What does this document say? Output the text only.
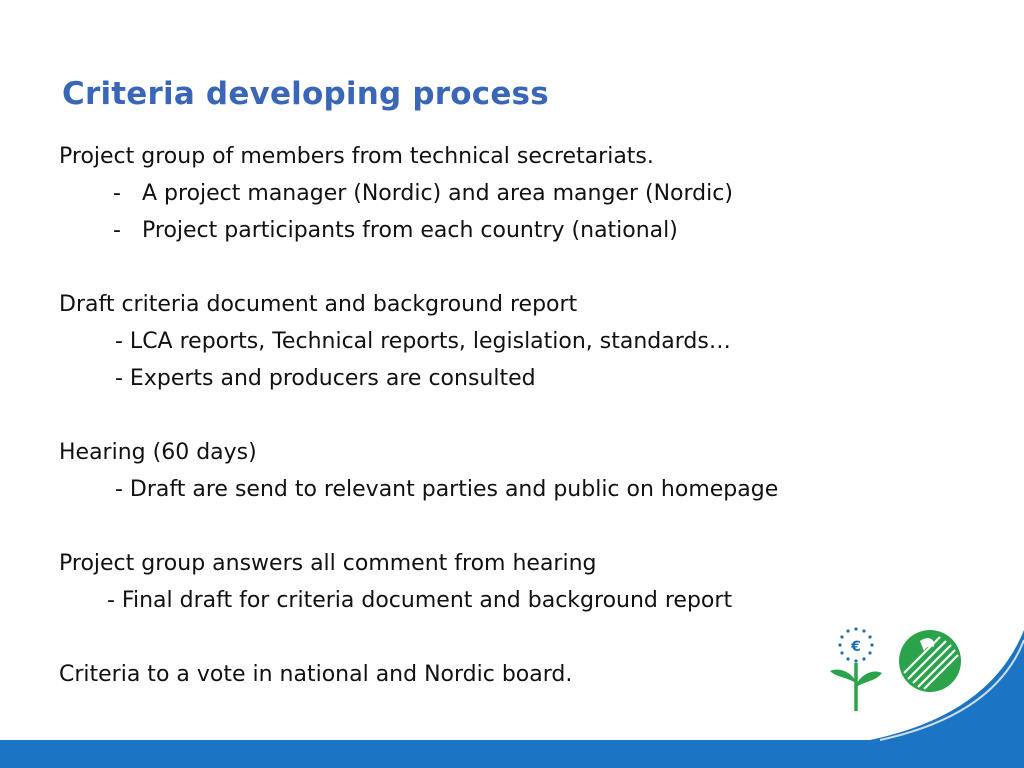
Criteria developing process
Project group of members from technical secretariats.
- A project manager (Nordic) and area manger (Nordic)
- Project participants from each country (national)
Draft criteria document and background report
- LCA reports, Technical reports, legislation, standards…
- Experts and producers are consulted
Hearing (60 days)
- Draft are send to relevant parties and public on homepage
Project group answers all comment from hearing
- Final draft for criteria document and background report
Criteria to a vote in national and Nordic board.
€
